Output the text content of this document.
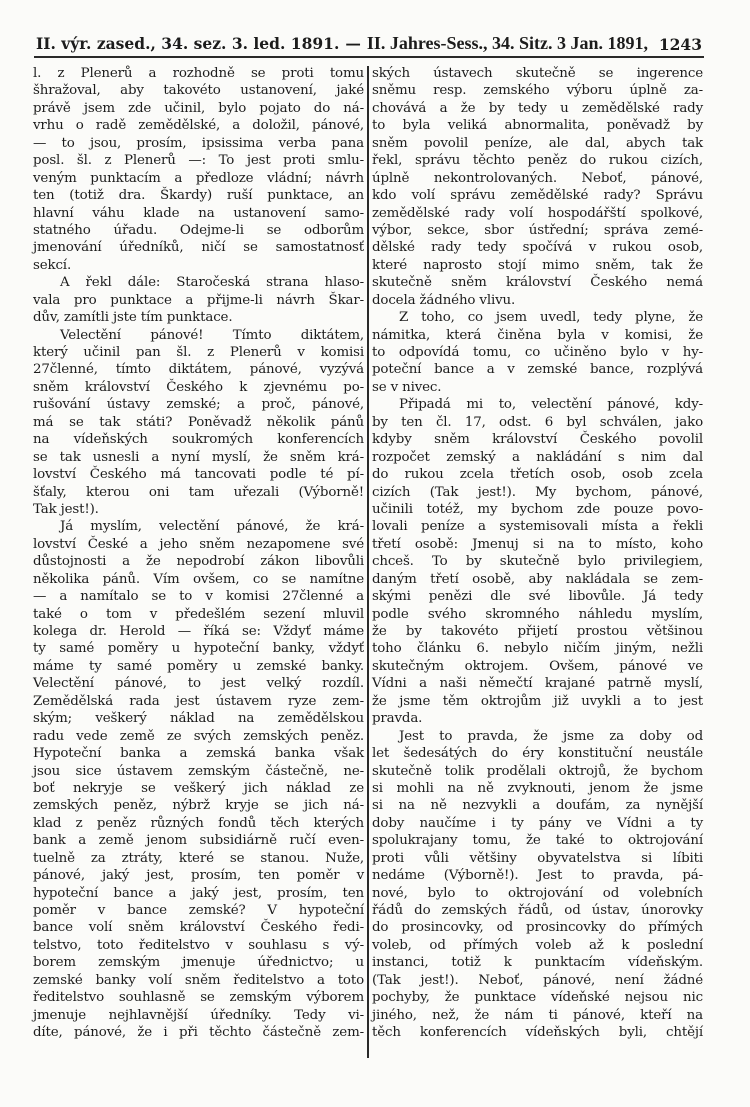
II. výr. zased., 34. sez. 3. led. 1891. — II. Jahres-Sess., 34. Sitz. 3 Jan. 1891, 1243
l. z Plenerů a rozhodně se proti tomu
šhražoval, aby takovéto ustanovení, jaké
právě jsem zde učinil, bylo pojato do ná-
vrhu o radě zemědělské, a doložil, pánové,
— to jsou, prosím, ipsissima verba pana
posl. šl. z Plenerů —: To jest proti smlu-
veným punktacím a předloze vládní; návrh
ten (totiž dra. Škardy) ruší punktace, an
hlavní váhu klade na ustanovení samo-
statného úřadu. Odejme-li se odborům
jmenování úředníků, ničí se samostatnosť
sekcí.
A řekl dále: Staročeská strana hlaso-
vala pro punktace a přijme-li návrh Škar-
dův, zamítli jste tím punktace.
Velectění pánové! Tímto diktátem,
který učinil pan šl. z Plenerů v komisi
27členné, tímto diktátem, pánové, vyzývá
sněm království Českého k zjevnému po-
rušování ústavy zemské; a proč, pánové,
má se tak státi? Poněvadž několik pánů
na vídeňských soukromých konferencích
se tak usnesli a nyní myslí, že sněm krá-
lovství Českého má tancovati podle té pí-
šťaly, kterou oni tam uřezali (Výborně!
Tak jest!).
Já myslím, velectění pánové, že krá-
lovství České a jeho sněm nezapomene své
důstojnosti a že nepodrobí zákon libovůli
několika pánů. Vím ovšem, co se namítne
— a namítalo se to v komisi 27členné a
také o tom v předešlém sezení mluvil
kolega dr. Herold — říká se: Vždyť máme
ty samé poměry u hypoteční banky, vždyť
máme ty samé poměry u zemské banky.
Velectění pánové, to jest velký rozdíl.
Zemědělská rada jest ústavem ryze zem-
ským; veškerý náklad na zemědělskou
radu vede země ze svých zemských peněz.
Hypoteční banka a zemská banka však
jsou sice ústavem zemským částečně, ne-
boť nekryje se veškerý jich náklad ze
zemských peněz, nýbrž kryje se jich ná-
klad z peněz různých fondů těch kterých
bank a země jenom subsidiárně ručí even-
tuelně za ztráty, které se stanou. Nuže,
pánové, jaký jest, prosím, ten poměr v
hypoteční bance a jaký jest, prosím, ten
poměr v bance zemské? V hypoteční
bance volí sněm království Českého ředi-
telstvo, toto ředitelstvo v souhlasu s vý-
borem zemským jmenuje úřednictvo; u
zemské banky volí sněm ředitelstvo a toto
ředitelstvo souhlasně se zemským výborem
jmenuje nejhlavnější úředníky. Tedy vi-
díte, pánové, že i při těchto částečně zem-
ských ústavech skutečně se ingerence
sněmu resp. zemského výboru úplně za-
chovává a že by tedy u zemědělské rady
to byla veliká abnormalita, poněvadž by
sněm povolil peníze, ale dal, abych tak
řekl, správu těchto peněz do rukou cizích,
úplně nekontrolovaných. Neboť, pánové,
kdo volí správu zemědělské rady? Správu
zemědělské rady volí hospodářští spolkové,
výbor, sekce, sbor ústřední; správa zemé-
dělské rady tedy spočívá v rukou osob,
které naprosto stojí mimo sněm, tak že
skutečně sněm království Českého nemá
docela žádného vlivu.
Z toho, co jsem uvedl, tedy plyne, že
námitka, která činěna byla v komisi, že
to odpovídá tomu, co učiněno bylo v hy-
poteční bance a v zemské bance, rozplývá
se v nivec.
Připadá mi to, velectění pánové, kdy-
by ten čl. 17, odst. 6 byl schválen, jako
kdyby sněm království Českého povolil
rozpočet zemský a nakládání s nim dal
do rukou zcela třetích osob, osob zcela
cizích (Tak jest!). My bychom, pánové,
učinili totéž, my bychom zde pouze povo-
lovali peníze a systemisovali místa a řekli
třetí osobě: Jmenuj si na to místo, koho
chceš. To by skutečně bylo privilegiem,
daným třetí osobě, aby nakládala se zem-
skými penězi dle své libovůle. Já tedy
podle svého skromného náhledu myslím,
že by takovéto přijetí prostou většinou
toho článku 6. nebylo ničím jiným, nežli
skutečným oktrojem. Ovšem, pánové ve
Vídni a naši němečtí krajané patrně myslí,
že jsme těm oktrojům již uvykli a to jest
pravda.
Jest to pravda, že jsme za doby od
let šedesátých do éry konstituční neustále
skutečně tolik prodělali oktrojů, že bychom
si mohli na ně zvyknouti, jenom že jsme
si na ně nezvykli a doufám, za nynější
doby naučíme i ty pány ve Vídni a ty
spolukrajany tomu, že také to oktrojování
proti vůli většiny obyvatelstva si líbiti
nedáme (Výborně!). Jest to pravda, pá-
nové, bylo to oktrojování od volebních
řádů do zemských řádů, od ústav, únorovky
do prosincovky, od prosincovky do přímých
voleb, od přímých voleb až k poslední
instanci, totiž k punktacím vídeňským.
(Tak jest!). Neboť, pánové, není žádné
pochyby, že punktace vídeňské nejsou nic
jiného, než, že nám ti pánové, kteří na
těch konferencích vídeňských byli, chtějí
